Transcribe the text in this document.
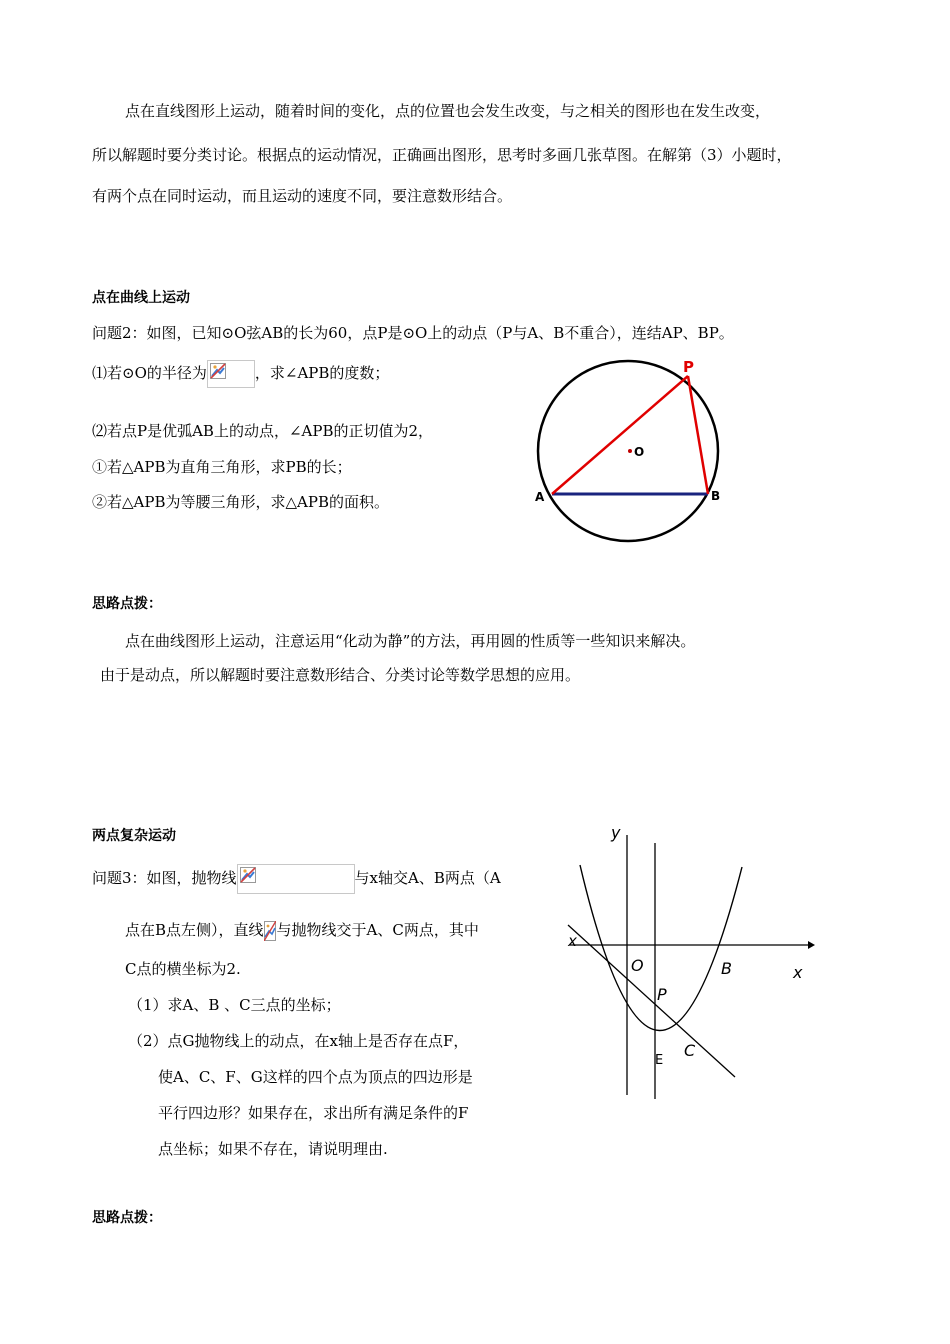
点在直线图形上运动，随着时间的变化，点的位置也会发生改变，与之相关的图形也在发生改变，
所以解题时要分类讨论。根据点的运动情况，正确画出图形，思考时多画几张草图。在解第（3）小题时，
有两个点在同时运动，而且运动的速度不同，要注意数形结合。
点在曲线上运动
问题2：如图，已知⊙O弦AB的长为60，点P是⊙O上的动点（P与A、B不重合），连结AP、BP。
⑴若⊙O的半径为	，求∠APB的度数；
⑵若点P是优弧AB上的动点，∠APB的正切值为2，
①若△APB为直角三角形，求PB的长；
②若△APB为等腰三角形，求△APB的面积。
O
P
A	B
思路点拨：
点在曲线图形上运动，注意运用“化动为静”的方法，再用圆的性质等一些知识来解决。
由于是动点，所以解题时要注意数形结合、分类讨论等数学思想的应用。
两点复杂运动
问题3：如图，抛物线	与x轴交A、B两点（A
点在B点左侧），直线 与抛物线交于A、C两点，其中
C点的横坐标为2.
（1）求A、B 、C三点的坐标；
（2）点G抛物线上的动点，在x轴上是否存在点F，
使A、C、F、G这样的四个点为顶点的四边形是
平行四边形？如果存在，求出所有满足条件的F
点坐标；如果不存在，请说明理由.
y
x
x
O	B
P
E
C
思路点拨：
